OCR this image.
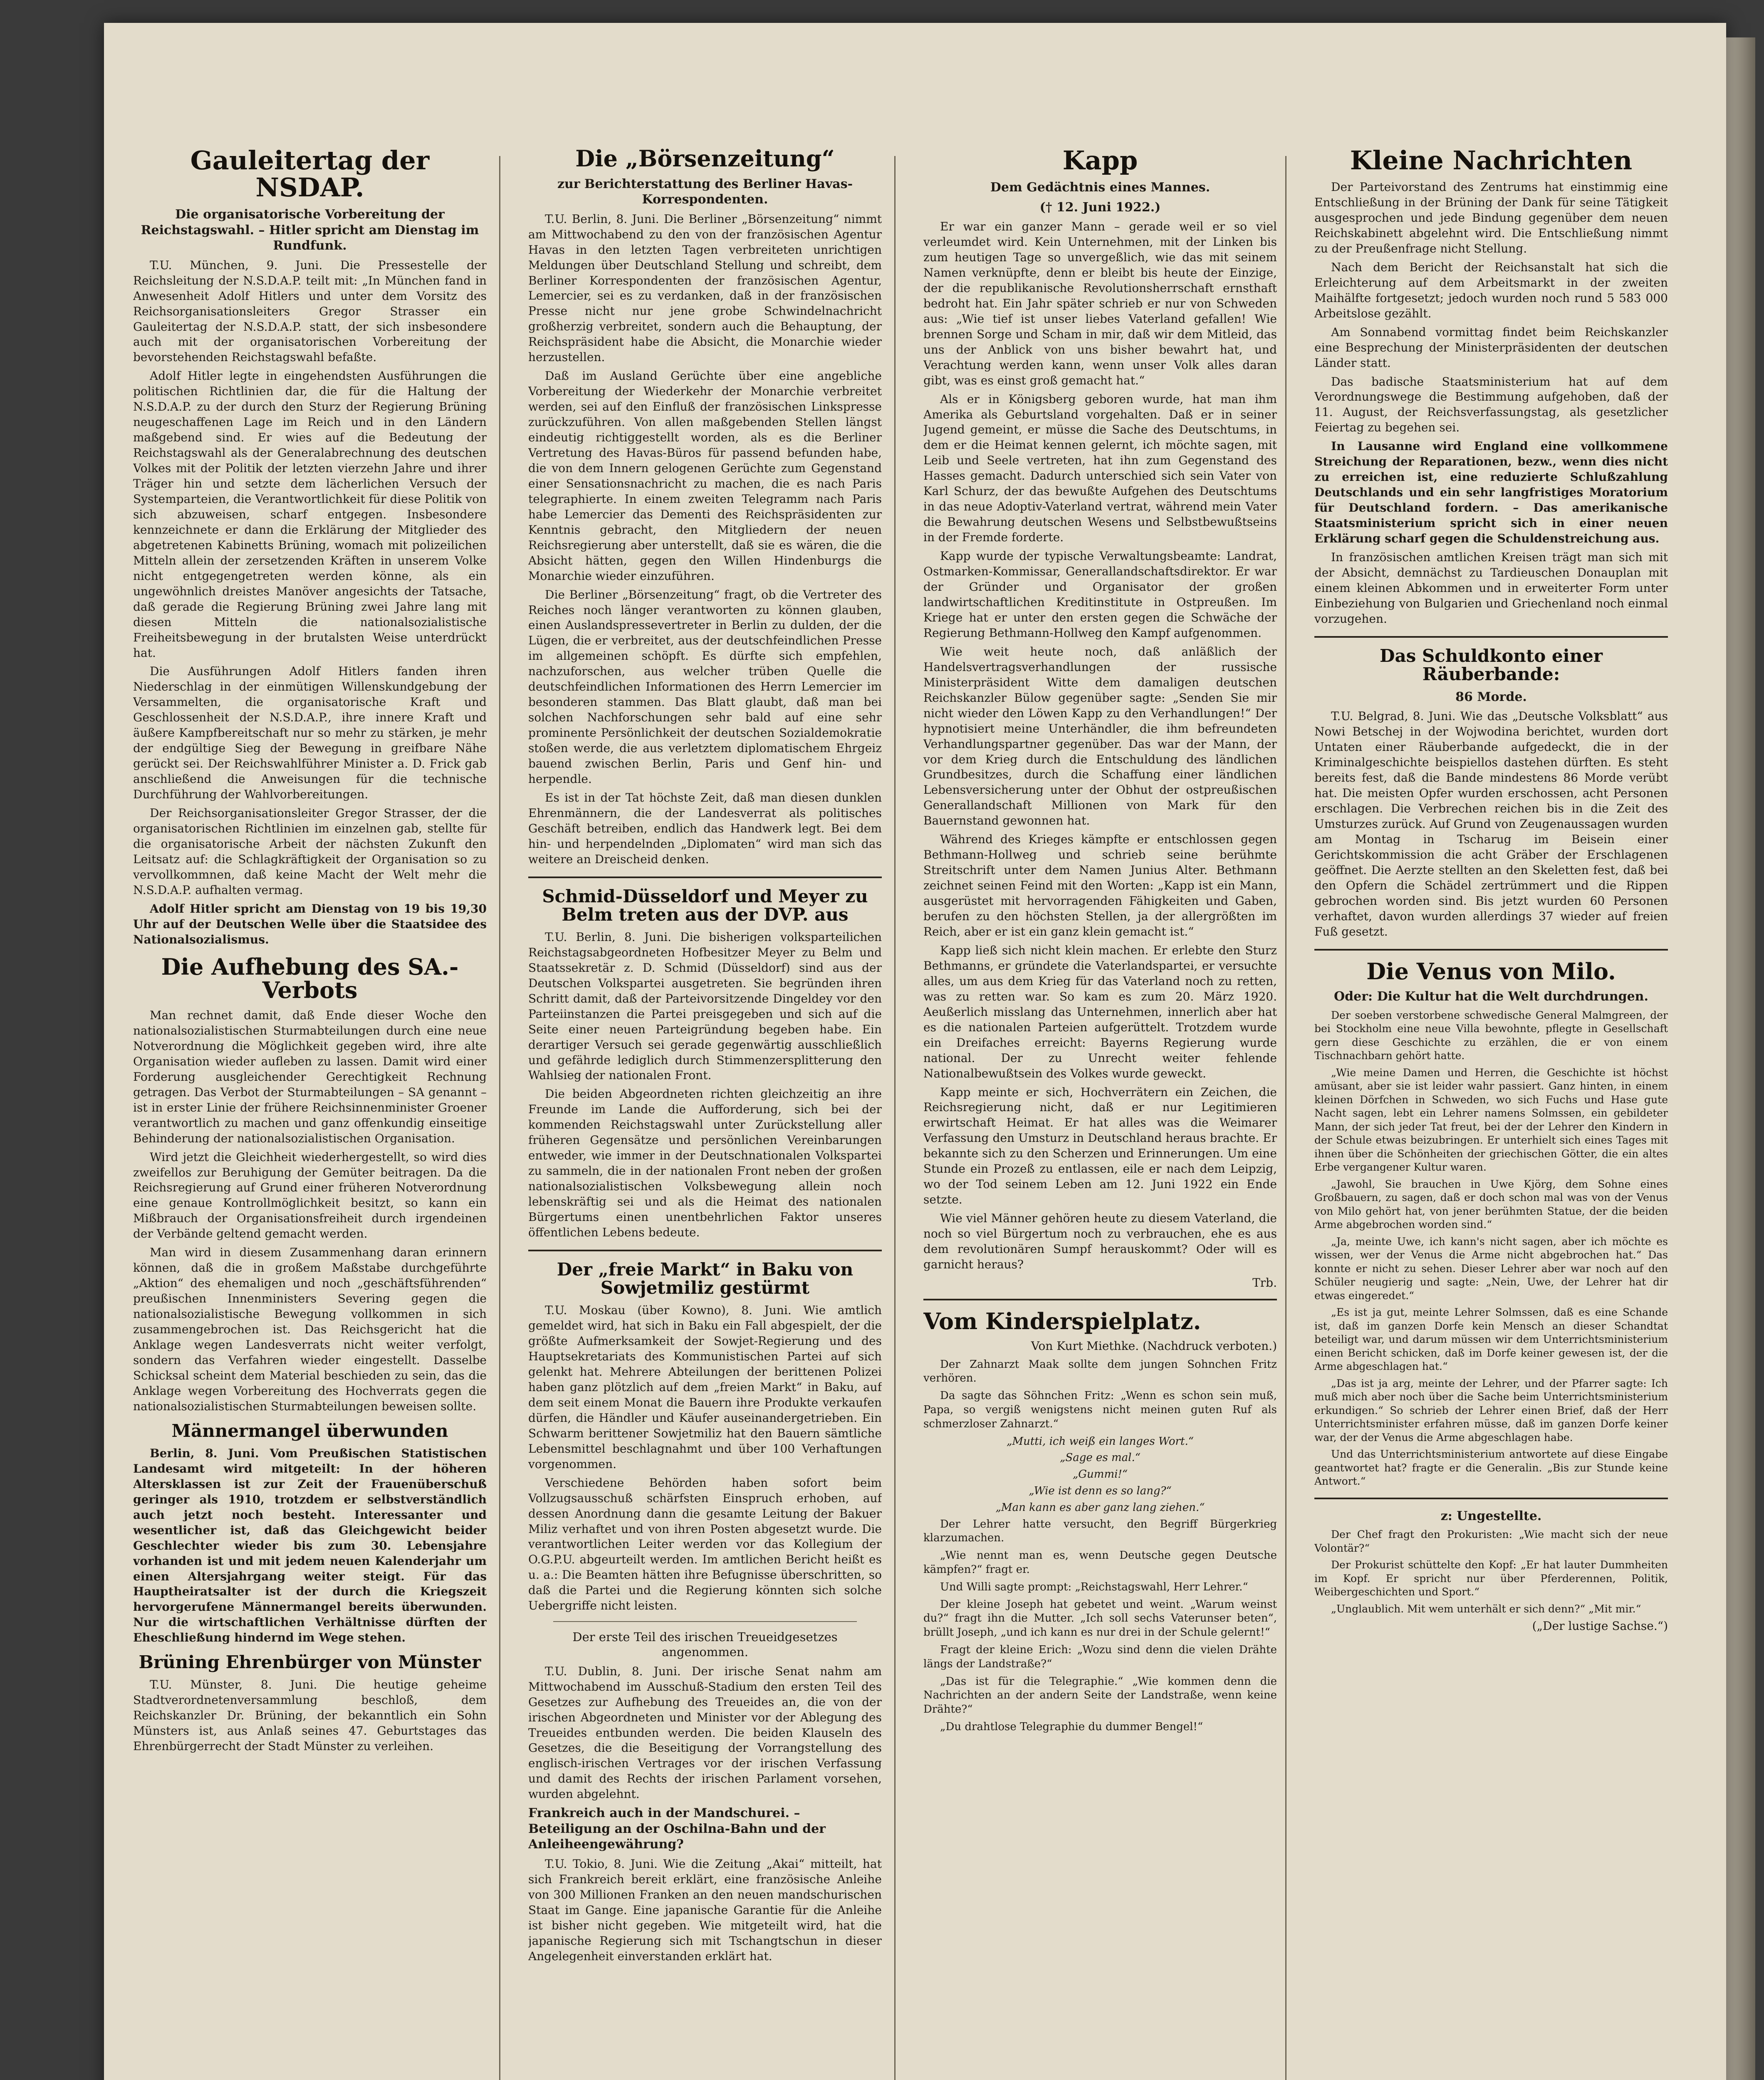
Gauleitertag der NSDAP.
Die organisatorische Vorbereitung der Reichstagswahl. – Hitler spricht am Dienstag im Rundfunk.

T.U. München, 9. Juni. Die Pressestelle der Reichsleitung der N.S.D.A.P. teilt mit: „In München fand in Anwesenheit Adolf Hitlers und unter dem Vorsitz des Reichsorganisationsleiters Gregor Strasser ein Gauleitertag der N.S.D.A.P. statt, der sich insbesondere auch mit der organisatorischen Vorbereitung der bevorstehenden Reichstagswahl befaßte.

Adolf Hitler legte in eingehendsten Ausführungen die politischen Richtlinien dar, die für die Haltung der N.S.D.A.P. zu der durch den Sturz der Regierung Brüning neugeschaffenen Lage im Reich und in den Ländern maßgebend sind. Er wies auf die Bedeutung der Reichstagswahl als der Generalabrechnung des deutschen Volkes mit der Politik der letzten vierzehn Jahre und ihrer Träger hin und setzte dem lächerlichen Versuch der Systemparteien, die Verantwortlichkeit für diese Politik von sich abzuweisen, scharf entgegen. Insbesondere kennzeichnete er dann die Erklärung der Mitglieder des abgetretenen Kabinetts Brüning, womach mit polizeilichen Mitteln allein der zersetzenden Kräften in unserem Volke nicht entgegengetreten werden könne, als ein ungewöhnlich dreistes Manöver angesichts der Tatsache, daß gerade die Regierung Brüning zwei Jahre lang mit diesen Mitteln die nationalsozialistische Freiheitsbewegung in der brutalsten Weise unterdrückt hat.

Die Ausführungen Adolf Hitlers fanden ihren Niederschlag in der einmütigen Willenskundgebung der Versammelten, die organisatorische Kraft und Geschlossenheit der N.S.D.A.P., ihre innere Kraft und äußere Kampfbereitschaft nur so mehr zu stärken, je mehr der endgültige Sieg der Bewegung in greifbare Nähe gerückt sei. Der Reichswahlführer Minister a. D. Frick gab anschließend die Anweisungen für die technische Durchführung der Wahlvorbereitungen.

Der Reichsorganisationsleiter Gregor Strasser, der die organisatorischen Richtlinien im einzelnen gab, stellte für die organisatorische Arbeit der nächsten Zukunft den Leitsatz auf: die Schlagkräftigkeit der Organisation so zu vervollkommnen, daß keine Macht der Welt mehr die N.S.D.A.P. aufhalten vermag.

Adolf Hitler spricht am Dienstag von 19 bis 19,30 Uhr auf der Deutschen Welle über die Staatsidee des Nationalsozialismus.

Die Aufhebung des SA.-Verbots

Man rechnet damit, daß Ende dieser Woche den nationalsozialistischen Sturmabteilungen durch eine neue Notverordnung die Möglichkeit gegeben wird, ihre alte Organisation wieder aufleben zu lassen. Damit wird einer Forderung ausgleichender Gerechtigkeit Rechnung getragen. Das Verbot der Sturmabteilungen – SA genannt – ist in erster Linie der frühere Reichsinnenminister Groener verantwortlich zu machen und ganz offenkundig einseitige Behinderung der nationalsozialistischen Organisation.

Wird jetzt die Gleichheit wiederhergestellt, so wird dies zweifellos zur Beruhigung der Gemüter beitragen. Da die Reichsregierung auf Grund einer früheren Notverordnung eine genaue Kontrollmöglichkeit besitzt, so kann ein Mißbrauch der Organisationsfreiheit durch irgendeinen der Verbände geltend gemacht werden.

Man wird in diesem Zusammenhang daran erinnern können, daß die in großem Maßstabe durchgeführte „Aktion“ des ehemaligen und noch „geschäftsführenden“ preußischen Innenministers Severing gegen die nationalsozialistische Bewegung vollkommen in sich zusammengebrochen ist. Das Reichsgericht hat die Anklage wegen Landesverrats nicht weiter verfolgt, sondern das Verfahren wieder eingestellt. Dasselbe Schicksal scheint dem Material beschieden zu sein, das die Anklage wegen Vorbereitung des Hochverrats gegen die nationalsozialistischen Sturmabteilungen beweisen sollte.

Männermangel überwunden

Berlin, 8. Juni. Vom Preußischen Statistischen Landesamt wird mitgeteilt: In der höheren Altersklassen ist zur Zeit der Frauenüberschuß geringer als 1910, trotzdem er selbstverständlich auch jetzt noch besteht. Interessanter und wesentlicher ist, daß das Gleichgewicht beider Geschlechter wieder bis zum 30. Lebensjahre vorhanden ist und mit jedem neuen Kalenderjahr um einen Altersjahrgang weiter steigt. Für das Hauptheiratsalter ist der durch die Kriegszeit hervorgerufene Männermangel bereits überwunden. Nur die wirtschaftlichen Verhältnisse dürften der Eheschließung hindernd im Wege stehen.

Brüning Ehrenbürger von Münster

T.U. Münster, 8. Juni. Die heutige geheime Stadtverordnetenversammlung beschloß, dem Reichskanzler Dr. Brüning, der bekanntlich ein Sohn Münsters ist, aus Anlaß seines 47. Geburtstages das Ehrenbürgerrecht der Stadt Münster zu verleihen.

Die „Börsenzeitung“
zur Berichterstattung des Berliner Havas-Korrespondenten.

T.U. Berlin, 8. Juni. Die Berliner „Börsenzeitung“ nimmt am Mittwochabend zu den von der französischen Agentur Havas in den letzten Tagen verbreiteten unrichtigen Meldungen über Deutschland Stellung und schreibt, dem Berliner Korrespondenten der französischen Agentur, Lemercier, sei es zu verdanken, daß in der französischen Presse nicht nur jene grobe Schwindelnachricht großherzig verbreitet, sondern auch die Behauptung, der Reichspräsident habe die Absicht, die Monarchie wieder herzustellen.

Daß im Ausland Gerüchte über eine angebliche Vorbereitung der Wiederkehr der Monarchie verbreitet werden, sei auf den Einfluß der französischen Linkspresse zurückzuführen. Von allen maßgebenden Stellen längst eindeutig richtiggestellt worden, als es die Berliner Vertretung des Havas-Büros für passend befunden habe, die von dem Innern gelogenen Gerüchte zum Gegenstand einer Sensationsnachricht zu machen, die es nach Paris telegraphierte. In einem zweiten Telegramm nach Paris habe Lemercier das Dementi des Reichspräsidenten zur Kenntnis gebracht, den Mitgliedern der neuen Reichsregierung aber unterstellt, daß sie es wären, die die Absicht hätten, gegen den Willen Hindenburgs die Monarchie wieder einzuführen.

Die Berliner „Börsenzeitung“ fragt, ob die Vertreter des Reiches noch länger verantworten zu können glauben, einen Auslandspressevertreter in Berlin zu dulden, der die Lügen, die er verbreitet, aus der deutschfeindlichen Presse im allgemeinen schöpft. Es dürfte sich empfehlen, nachzuforschen, aus welcher trüben Quelle die deutschfeindlichen Informationen des Herrn Lemercier im besonderen stammen. Das Blatt glaubt, daß man bei solchen Nachforschungen sehr bald auf eine sehr prominente Persönlichkeit der deutschen Sozialdemokratie stoßen werde, die aus verletztem diplomatischem Ehrgeiz bauend zwischen Berlin, Paris und Genf hin- und herpendle.

Es ist in der Tat höchste Zeit, daß man diesen dunklen Ehrenmännern, die der Landesverrat als politisches Geschäft betreiben, endlich das Handwerk legt. Bei dem hin- und herpendelnden „Diplomaten“ wird man sich das weitere an Dreischeid denken.

Schmid-Düsseldorf und Meyer zu Belm treten aus der DVP. aus

T.U. Berlin, 8. Juni. Die bisherigen volksparteilichen Reichstagsabgeordneten Hofbesitzer Meyer zu Belm und Staatssekretär z. D. Schmid (Düsseldorf) sind aus der Deutschen Volkspartei ausgetreten. Sie begründen ihren Schritt damit, daß der Parteivorsitzende Dingeldey vor den Parteiinstanzen die Partei preisgegeben und sich auf die Seite einer neuen Parteigründung begeben habe. Ein derartiger Versuch sei gerade gegenwärtig ausschließlich und gefährde lediglich durch Stimmenzersplitterung den Wahlsieg der nationalen Front.

Die beiden Abgeordneten richten gleichzeitig an ihre Freunde im Lande die Aufforderung, sich bei der kommenden Reichstagswahl unter Zurückstellung aller früheren Gegensätze und persönlichen Vereinbarungen entweder, wie immer in der Deutschnationalen Volkspartei zu sammeln, die in der nationalen Front neben der großen nationalsozialistischen Volksbewegung allein noch lebenskräftig sei und als die Heimat des nationalen Bürgertums einen unentbehrlichen Faktor unseres öffentlichen Lebens bedeute.

Der „freie Markt“ in Baku von Sowjetmiliz gestürmt

T.U. Moskau (über Kowno), 8. Juni. Wie amtlich gemeldet wird, hat sich in Baku ein Fall abgespielt, der die größte Aufmerksamkeit der Sowjet-Regierung und des Hauptsekretariats des Kommunistischen Partei auf sich gelenkt hat. Mehrere Abteilungen der berittenen Polizei haben ganz plötzlich auf dem „freien Markt“ in Baku, auf dem seit einem Monat die Bauern ihre Produkte verkaufen dürfen, die Händler und Käufer auseinandergetrieben. Ein Schwarm berittener Sowjetmiliz hat den Bauern sämtliche Lebensmittel beschlagnahmt und über 100 Verhaftungen vorgenommen.

Verschiedene Behörden haben sofort beim Vollzugsausschuß schärfsten Einspruch erhoben, auf dessen Anordnung dann die gesamte Leitung der Bakuer Miliz verhaftet und von ihren Posten abgesetzt wurde. Die verantwortlichen Leiter werden vor das Kollegium der O.G.P.U. abgeurteilt werden. Im amtlichen Bericht heißt es u. a.: Die Beamten hätten ihre Befugnisse überschritten, so daß die Partei und die Regierung könnten sich solche Uebergriffe nicht leisten.

Der erste Teil des irischen Treueidgesetzes angenommen.

T.U. Dublin, 8. Juni. Der irische Senat nahm am Mittwochabend im Ausschuß-Stadium den ersten Teil des Gesetzes zur Aufhebung des Treueides an, die von der irischen Abgeordneten und Minister vor der Ablegung des Treueides entbunden werden. Die beiden Klauseln des Gesetzes, die die Beseitigung der Vorrangstellung des englisch-irischen Vertrages vor der irischen Verfassung und damit des Rechts der irischen Parlament vorsehen, wurden abgelehnt.

Frankreich auch in der Mandschurei. – Beteiligung an der Oschilna-Bahn und der Anleiheengewährung?

T.U. Tokio, 8. Juni. Wie die Zeitung „Akai“ mitteilt, hat sich Frankreich bereit erklärt, eine französische Anleihe von 300 Millionen Franken an den neuen mandschurischen Staat im Gange. Eine japanische Garantie für die Anleihe ist bisher nicht gegeben. Wie mitgeteilt wird, hat die japanische Regierung sich mit Tschangtschun in dieser Angelegenheit einverstanden erklärt hat.

Kapp
Dem Gedächtnis eines Mannes.
(† 12. Juni 1922.)

Er war ein ganzer Mann – gerade weil er so viel verleumdet wird. Kein Unternehmen, mit der Linken bis zum heutigen Tage so unvergeßlich, wie das mit seinem Namen verknüpfte, denn er bleibt bis heute der Einzige, der die republikanische Revolutionsherrschaft ernsthaft bedroht hat. Ein Jahr später schrieb er nur von Schweden aus: „Wie tief ist unser liebes Vaterland gefallen! Wie brennen Sorge und Scham in mir, daß wir dem Mitleid, das uns der Anblick von uns bisher bewahrt hat, und Verachtung werden kann, wenn unser Volk alles daran gibt, was es einst groß gemacht hat.“

Als er in Königsberg geboren wurde, hat man ihm Amerika als Geburtsland vorgehalten. Daß er in seiner Jugend gemeint, er müsse die Sache des Deutschtums, in dem er die Heimat kennen gelernt, ich möchte sagen, mit Leib und Seele vertreten, hat ihn zum Gegenstand des Hasses gemacht. Dadurch unterschied sich sein Vater von Karl Schurz, der das bewußte Aufgehen des Deutschtums in das neue Adoptiv-Vaterland vertrat, während mein Vater die Bewahrung deutschen Wesens und Selbstbewußtseins in der Fremde forderte.

Kapp wurde der typische Verwaltungsbeamte: Landrat, Ostmarken-Kommissar, Generallandschaftsdirektor. Er war der Gründer und Organisator der großen landwirtschaftlichen Kreditinstitute in Ostpreußen. Im Kriege hat er unter den ersten gegen die Schwäche der Regierung Bethmann-Hollweg den Kampf aufgenommen.

Wie weit heute noch, daß anläßlich der Handelsvertragsverhandlungen der russische Ministerpräsident Witte dem damaligen deutschen Reichskanzler Bülow gegenüber sagte: „Senden Sie mir nicht wieder den Löwen Kapp zu den Verhandlungen!“ Der hypnotisiert meine Unterhändler, die ihm befreundeten Verhandlungspartner gegenüber. Das war der Mann, der vor dem Krieg durch die Entschuldung des ländlichen Grundbesitzes, durch die Schaffung einer ländlichen Lebensversicherung unter der Obhut der ostpreußischen Generallandschaft Millionen von Mark für den Bauernstand gewonnen hat.

Während des Krieges kämpfte er entschlossen gegen Bethmann-Hollweg und schrieb seine berühmte Streitschrift unter dem Namen Junius Alter. Bethmann zeichnet seinen Feind mit den Worten: „Kapp ist ein Mann, ausgerüstet mit hervorragenden Fähigkeiten und Gaben, berufen zu den höchsten Stellen, ja der allergrößten im Reich, aber er ist ein ganz klein gemacht ist.“

Kapp ließ sich nicht klein machen. Er erlebte den Sturz Bethmanns, er gründete die Vaterlandspartei, er versuchte alles, um aus dem Krieg für das Vaterland noch zu retten, was zu retten war. So kam es zum 20. März 1920. Aeußerlich misslang das Unternehmen, innerlich aber hat es die nationalen Parteien aufgerüttelt. Trotzdem wurde ein Dreifaches erreicht: Bayerns Regierung wurde national. Der zu Unrecht weiter fehlende Nationalbewußtsein des Volkes wurde geweckt.

Kapp meinte er sich, Hochverrätern ein Zeichen, die Reichsregierung nicht, daß er nur Legitimieren erwirtschaft Heimat. Er hat alles was die Weimarer Verfassung den Umsturz in Deutschland heraus brachte. Er bekannte sich zu den Scherzen und Erinnerungen. Um eine Stunde ein Prozeß zu entlassen, eile er nach dem Leipzig, wo der Tod seinem Leben am 12. Juni 1922 ein Ende setzte.

Wie viel Männer gehören heute zu diesem Vaterland, die noch so viel Bürgertum noch zu verbrauchen, ehe es aus dem revolutionären Sumpf herauskommt? Oder will es garnicht heraus?

Trb.
Vom Kinderspielplatz.
Von Kurt Miethke. (Nachdruck verboten.)

Der Zahnarzt Maak sollte dem jungen Sohnchen Fritz verhören.

Da sagte das Söhnchen Fritz: „Wenn es schon sein muß, Papa, so vergiß wenigstens nicht meinen guten Ruf als schmerzloser Zahnarzt.“

„Mutti, ich weiß ein langes Wort.“
„Sage es mal.“
„Gummi!“
„Wie ist denn es so lang?“
„Man kann es aber ganz lang ziehen.“

Der Lehrer hatte versucht, den Begriff Bürgerkrieg klarzumachen.

„Wie nennt man es, wenn Deutsche gegen Deutsche kämpfen?“ fragt er.

Und Willi sagte prompt: „Reichstagswahl, Herr Lehrer.“

Der kleine Joseph hat gebetet und weint. „Warum weinst du?“ fragt ihn die Mutter. „Ich soll sechs Vaterunser beten“, brüllt Joseph, „und ich kann es nur drei in der Schule gelernt!“

Fragt der kleine Erich: „Wozu sind denn die vielen Drähte längs der Landstraße?“

„Das ist für die Telegraphie.“ „Wie kommen denn die Nachrichten an der andern Seite der Landstraße, wenn keine Drähte?“

„Du drahtlose Telegraphie du dummer Bengel!“

Kleine Nachrichten

Der Parteivorstand des Zentrums hat einstimmig eine Entschließung in der Brüning der Dank für seine Tätigkeit ausgesprochen und jede Bindung gegenüber dem neuen Reichskabinett abgelehnt wird. Die Entschließung nimmt zu der Preußenfrage nicht Stellung.

Nach dem Bericht der Reichsanstalt hat sich die Erleichterung auf dem Arbeitsmarkt in der zweiten Maihälfte fortgesetzt; jedoch wurden noch rund 5 583 000 Arbeitslose gezählt.

Am Sonnabend vormittag findet beim Reichskanzler eine Besprechung der Ministerpräsidenten der deutschen Länder statt.

Das badische Staatsministerium hat auf dem Verordnungswege die Bestimmung aufgehoben, daß der 11. August, der Reichsverfassungstag, als gesetzlicher Feiertag zu begehen sei.

In Lausanne wird England eine vollkommene Streichung der Reparationen, bezw., wenn dies nicht zu erreichen ist, eine reduzierte Schlußzahlung Deutschlands und ein sehr langfristiges Moratorium für Deutschland fordern. – Das amerikanische Staatsministerium spricht sich in einer neuen Erklärung scharf gegen die Schuldenstreichung aus.

In französischen amtlichen Kreisen trägt man sich mit der Absicht, demnächst zu Tardieuschen Donauplan mit einem kleinen Abkommen und in erweiterter Form unter Einbeziehung von Bulgarien und Griechenland noch einmal vorzugehen.

Das Schuldkonto einer Räuberbande:
86 Morde.

T.U. Belgrad, 8. Juni. Wie das „Deutsche Volksblatt“ aus Nowi Betschej in der Wojwodina berichtet, wurden dort Untaten einer Räuberbande aufgedeckt, die in der Kriminalgeschichte beispiellos dastehen dürften. Es steht bereits fest, daß die Bande mindestens 86 Morde verübt hat. Die meisten Opfer wurden erschossen, acht Personen erschlagen. Die Verbrechen reichen bis in die Zeit des Umsturzes zurück. Auf Grund von Zeugenaussagen wurden am Montag in Tscharug im Beisein einer Gerichtskommission die acht Gräber der Erschlagenen geöffnet. Die Aerzte stellten an den Skeletten fest, daß bei den Opfern die Schädel zertrümmert und die Rippen gebrochen worden sind. Bis jetzt wurden 60 Personen verhaftet, davon wurden allerdings 37 wieder auf freien Fuß gesetzt.

Die Venus von Milo.
Oder: Die Kultur hat die Welt durchdrungen.

Der soeben verstorbene schwedische General Malmgreen, der bei Stockholm eine neue Villa bewohnte, pflegte in Gesellschaft gern diese Geschichte zu erzählen, die er von einem Tischnachbarn gehört hatte.

„Wie meine Damen und Herren, die Geschichte ist höchst amüsant, aber sie ist leider wahr passiert. Ganz hinten, in einem kleinen Dörfchen in Schweden, wo sich Fuchs und Hase gute Nacht sagen, lebt ein Lehrer namens Solmssen, ein gebildeter Mann, der sich jeder Tat freut, bei der der Lehrer den Kindern in der Schule etwas beizubringen. Er unterhielt sich eines Tages mit ihnen über die Schönheiten der griechischen Götter, die ein altes Erbe vergangener Kultur waren.

„Jawohl, Sie brauchen in Uwe Kjörg, dem Sohne eines Großbauern, zu sagen, daß er doch schon mal was von der Venus von Milo gehört hat, von jener berühmten Statue, der die beiden Arme abgebrochen worden sind.“

„Ja, meinte Uwe, ich kann's nicht sagen, aber ich möchte es wissen, wer der Venus die Arme nicht abgebrochen hat.“ Das konnte er nicht zu sehen. Dieser Lehrer aber war noch auf den Schüler neugierig und sagte: „Nein, Uwe, der Lehrer hat dir etwas eingeredet.“

„Es ist ja gut, meinte Lehrer Solmssen, daß es eine Schande ist, daß im ganzen Dorfe kein Mensch an dieser Schandtat beteiligt war, und darum müssen wir dem Unterrichtsministerium einen Bericht schicken, daß im Dorfe keiner gewesen ist, der die Arme abgeschlagen hat.“

„Das ist ja arg, meinte der Lehrer, und der Pfarrer sagte: Ich muß mich aber noch über die Sache beim Unterrichtsministerium erkundigen.“ So schrieb der Lehrer einen Brief, daß der Herr Unterrichtsminister erfahren müsse, daß im ganzen Dorfe keiner war, der der Venus die Arme abgeschlagen habe.

Und das Unterrichtsministerium antwortete auf diese Eingabe geantwortet hat? fragte er die Generalin. „Bis zur Stunde keine Antwort.“

z: Ungestellte.

Der Chef fragt den Prokuristen: „Wie macht sich der neue Volontär?“

Der Prokurist schüttelte den Kopf: „Er hat lauter Dummheiten im Kopf. Er spricht nur über Pferderennen, Politik, Weibergeschichten und Sport.“

„Unglaublich. Mit wem unterhält er sich denn?“ „Mit mir.“

(„Der lustige Sachse.“)
